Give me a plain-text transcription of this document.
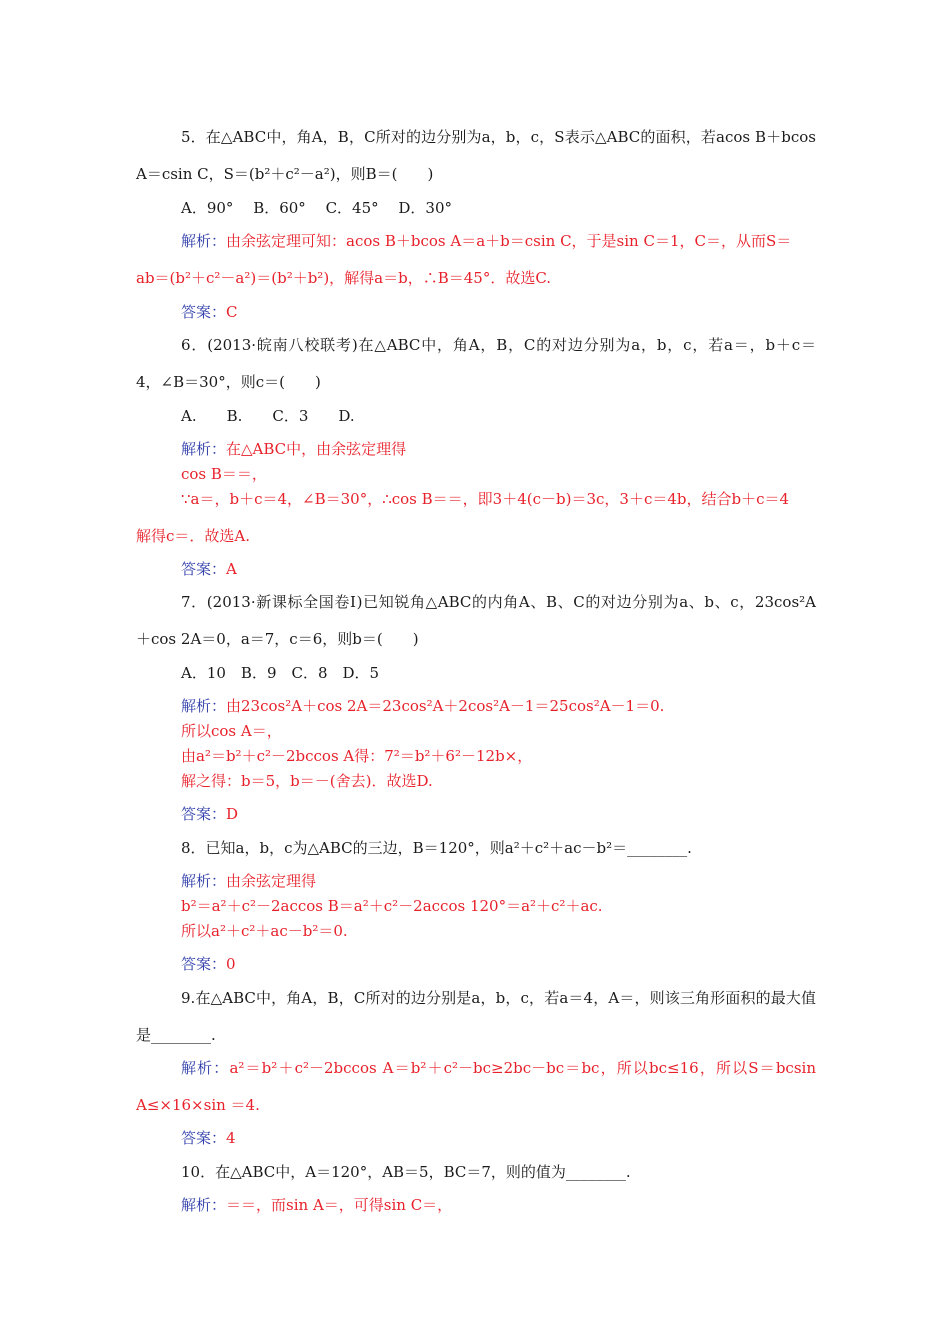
5．在△ABC中，角A，B，C所对的边分别为a，b，c，S表示△ABC的面积，若acos B＋bcos
A＝csin C，S＝(b²＋c²－a²)，则B＝(　　)
A．90°　 B．60°　 C．45°　 D．30°
解析：由余弦定理可知：acos B＋bcos A＝a＋b＝csin C，于是sin C＝1，C＝，从而S＝
ab＝(b²＋c²－a²)＝(b²＋b²)，解得a＝b，∴B＝45°．故选C.
答案：C
6．(2013·皖南八校联考)在△ABC中，角A，B，C的对边分别为a，b，c，若a＝，b＋c＝
4，∠B＝30°，则c＝(　　)
A.　　B.　　C．3　　D.
解析：在△ABC中，由余弦定理得
cos B＝＝，
∵a＝，b＋c＝4，∠B＝30°，∴cos B＝＝，即3＋4(c－b)＝3c，3＋c＝4b，结合b＋c＝4
解得c＝．故选A.
答案：A
7．(2013·新课标全国卷Ⅰ)已知锐角△ABC的内角A、B、C的对边分别为a、b、c，23cos²A
＋cos 2A＝0，a＝7，c＝6，则b＝(　　)
A．10　B．9　C．8　D．5
解析：由23cos²A＋cos 2A＝23cos²A＋2cos²A－1＝25cos²A－1＝0.
所以cos A＝，
由a²＝b²＋c²－2bccos A得：7²＝b²＋6²－12b×，
解之得：b＝5，b＝－(舍去)．故选D.
答案：D
8．已知a，b，c为△ABC的三边，B＝120°，则a²＋c²＋ac－b²＝________.
解析：由余弦定理得
b²＝a²＋c²－2accos B＝a²＋c²－2accos 120°＝a²＋c²＋ac.
所以a²＋c²＋ac－b²＝0.
答案：0
9.在△ABC中，角A，B，C所对的边分别是a，b，c，若a＝4，A＝，则该三角形面积的最大值
是________.
解析：a²＝b²＋c²－2bccos A＝b²＋c²－bc≥2bc－bc＝bc，所以bc≤16，所以S＝bcsin
A≤×16×sin ＝4.
答案：4
10．在△ABC中，A＝120°，AB＝5，BC＝7，则的值为________.
解析：＝＝，而sin A＝，可得sin C＝，
